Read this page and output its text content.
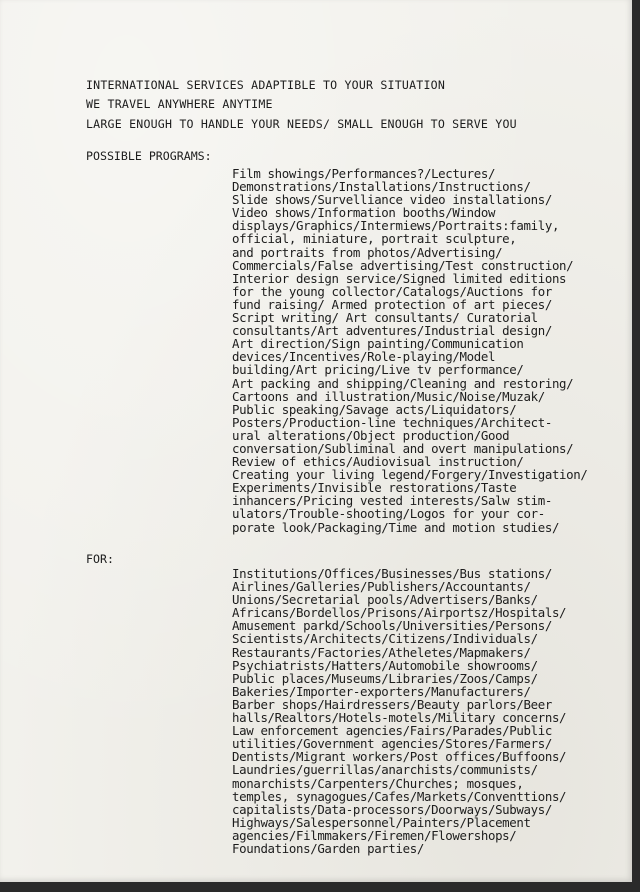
INTERNATIONAL SERVICES ADAPTIBLE TO YOUR SITUATION
WE TRAVEL ANYWHERE ANYTIME
LARGE ENOUGH TO HANDLE YOUR NEEDS/ SMALL ENOUGH TO SERVE YOU
POSSIBLE PROGRAMS:
Film showings/Performances?/Lectures/
Demonstrations/Installations/Instructions/
Slide shows/Survelliance video installations/
Video shows/Information booths/Window
displays/Graphics/Intermiews/Portraits:family,
official, miniature, portrait sculpture,
and portraits from photos/Advertising/
Commercials/False advertising/Test construction/
Interior design service/Signed limited editions
for the young collector/Catalogs/Auctions for
fund raising/ Armed protection of art pieces/
Script writing/ Art consultants/ Curatorial
consultants/Art adventures/Industrial design/
Art direction/Sign painting/Communication
devices/Incentives/Role-playing/Model
building/Art pricing/Live tv performance/
Art packing and shipping/Cleaning and restoring/
Cartoons and illustration/Music/Noise/Muzak/
Public speaking/Savage acts/Liquidators/
Posters/Production-line techniques/Architect-
ural alterations/Object production/Good
conversation/Subliminal and overt manipulations/
Review of ethics/Audiovisual instruction/
Creating your living legend/Forgery/Investigation/
Experiments/Invisible restorations/Taste
inhancers/Pricing vested interests/Salw stim-
ulators/Trouble-shooting/Logos for your cor-
porate look/Packaging/Time and motion studies/
FOR:
Institutions/Offices/Businesses/Bus stations/
Airlines/Galleries/Publishers/Accountants/
Unions/Secretarial pools/Advertisers/Banks/
Africans/Bordellos/Prisons/Airportsz/Hospitals/
Amusement parkd/Schools/Universities/Persons/
Scientists/Architects/Citizens/Individuals/
Restaurants/Factories/Atheletes/Mapmakers/
Psychiatrists/Hatters/Automobile showrooms/
Public places/Museums/Libraries/Zoos/Camps/
Bakeries/Importer-exporters/Manufacturers/
Barber shops/Hairdressers/Beauty parlors/Beer
halls/Realtors/Hotels-motels/Military concerns/
Law enforcement agencies/Fairs/Parades/Public
utilities/Government agencies/Stores/Farmers/
Dentists/Migrant workers/Post offices/Buffoons/
Laundries/guerrillas/anarchists/communists/
monarchists/Carpenters/Churches; mosques,
temples, synagogues/Cafes/Markets/Conventtions/
capitalists/Data-processors/Doorways/Subways/
Highways/Salespersonnel/Painters/Placement
agencies/Filmmakers/Firemen/Flowershops/
Foundations/Garden parties/
